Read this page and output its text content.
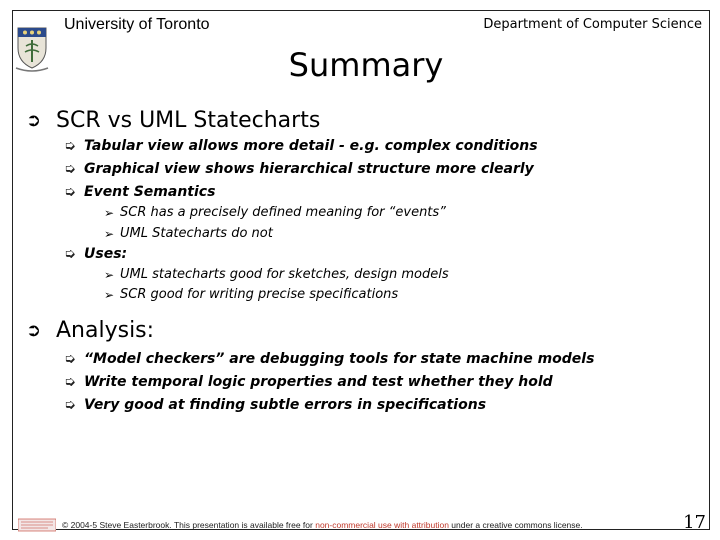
University of Toronto	Department of Computer Science
Summary
➲ SCR vs UML Statecharts
➭ Tabular view allows more detail - e.g. complex conditions
➭ Graphical view shows hierarchical structure more clearly
➭ Event Semantics
➢ SCR has a precisely defined meaning for “events”
➢ UML Statecharts do not
➭ Uses:
➢ UML statecharts good for sketches, design models
➢ SCR good for writing precise specifications
➲ Analysis:
➭ “Model checkers” are debugging tools for state machine models
➭ Write temporal logic properties and test whether they hold
➭ Very good at finding subtle errors in specifications
© 2004-5 Steve Easterbrook. This presentation is available free for non-commercial use with attribution under a creative commons license.	17
